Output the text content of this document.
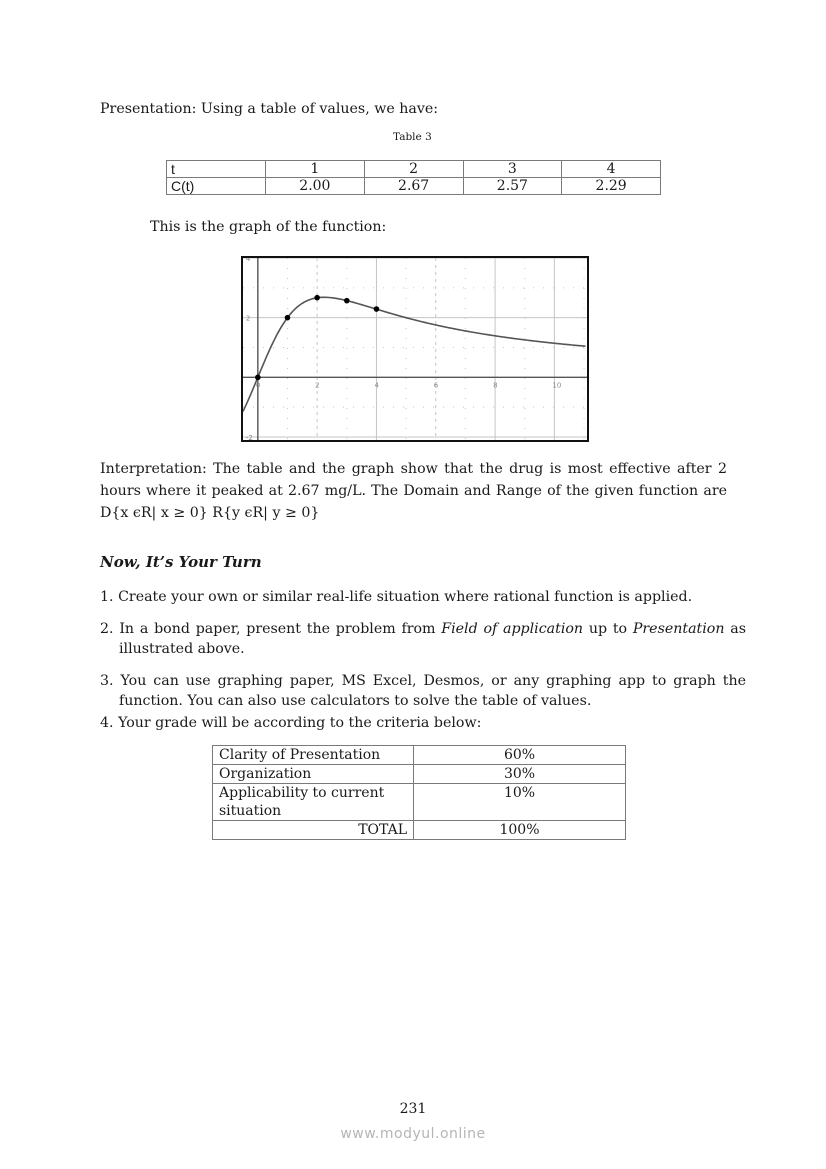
Presentation: Using a table of values, we have:
Table 3
t	1	2	3	4
C(t)	2.00	2.67	2.57	2.29
This is the graph of the function:
0	2	4	6	8	10
-2
2
4
Interpretation: The table and the graph show that the drug is most effective after 2 hours where it peaked at 2.67 mg/L. The Domain and Range of the given function are D{x ϵR| x ≥ 0} R{y ϵR| y ≥ 0}
Now, It’s Your Turn
1. Create your own or similar real-life situation where rational function is applied.
2. In a bond paper, present the problem from Field of application up to Presentation as illustrated above.
3. You can use graphing paper, MS Excel, Desmos, or any graphing app to graph the function. You can also use calculators to solve the table of values.
4. Your grade will be according to the criteria below:
Clarity of Presentation	60%
Organization	30%
Applicability to current situation	10%
TOTAL	100%
231
www.modyul.online
